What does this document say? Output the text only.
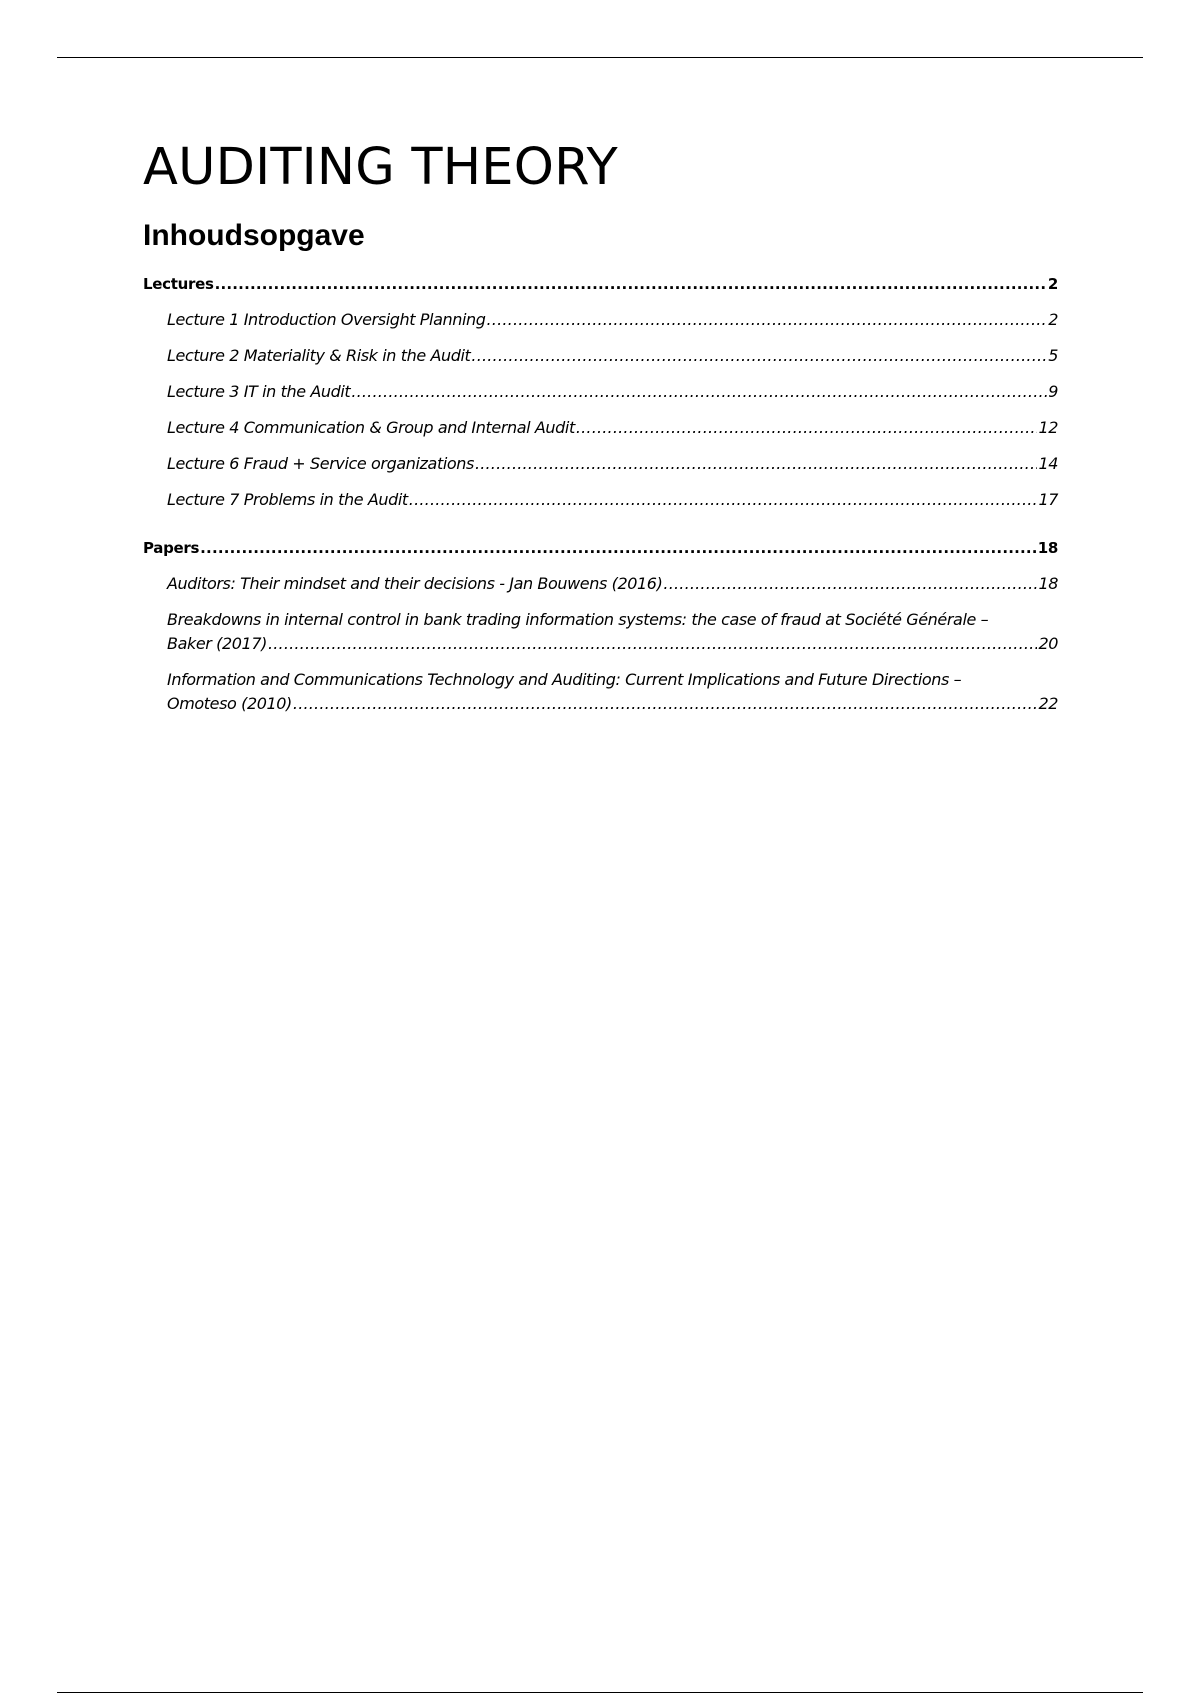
AUDITING THEORY
Inhoudsopgave
Lectures .....	2
Lecture 1 Introduction Oversight Planning .....	2
Lecture 2 Materiality & Risk in the Audit .....	5
Lecture 3 IT in the Audit .....	9
Lecture 4 Communication & Group and Internal Audit .....	12
Lecture 6 Fraud + Service organizations .....	14
Lecture 7 Problems in the Audit .....	17
Papers .....	18
Auditors: Their mindset and their decisions - Jan Bouwens (2016) .....	18
Breakdowns in internal control in bank trading information systems: the case of fraud at Société Générale –
Baker (2017) .....	20
Information and Communications Technology and Auditing: Current Implications and Future Directions –
Omoteso (2010) .....	22
